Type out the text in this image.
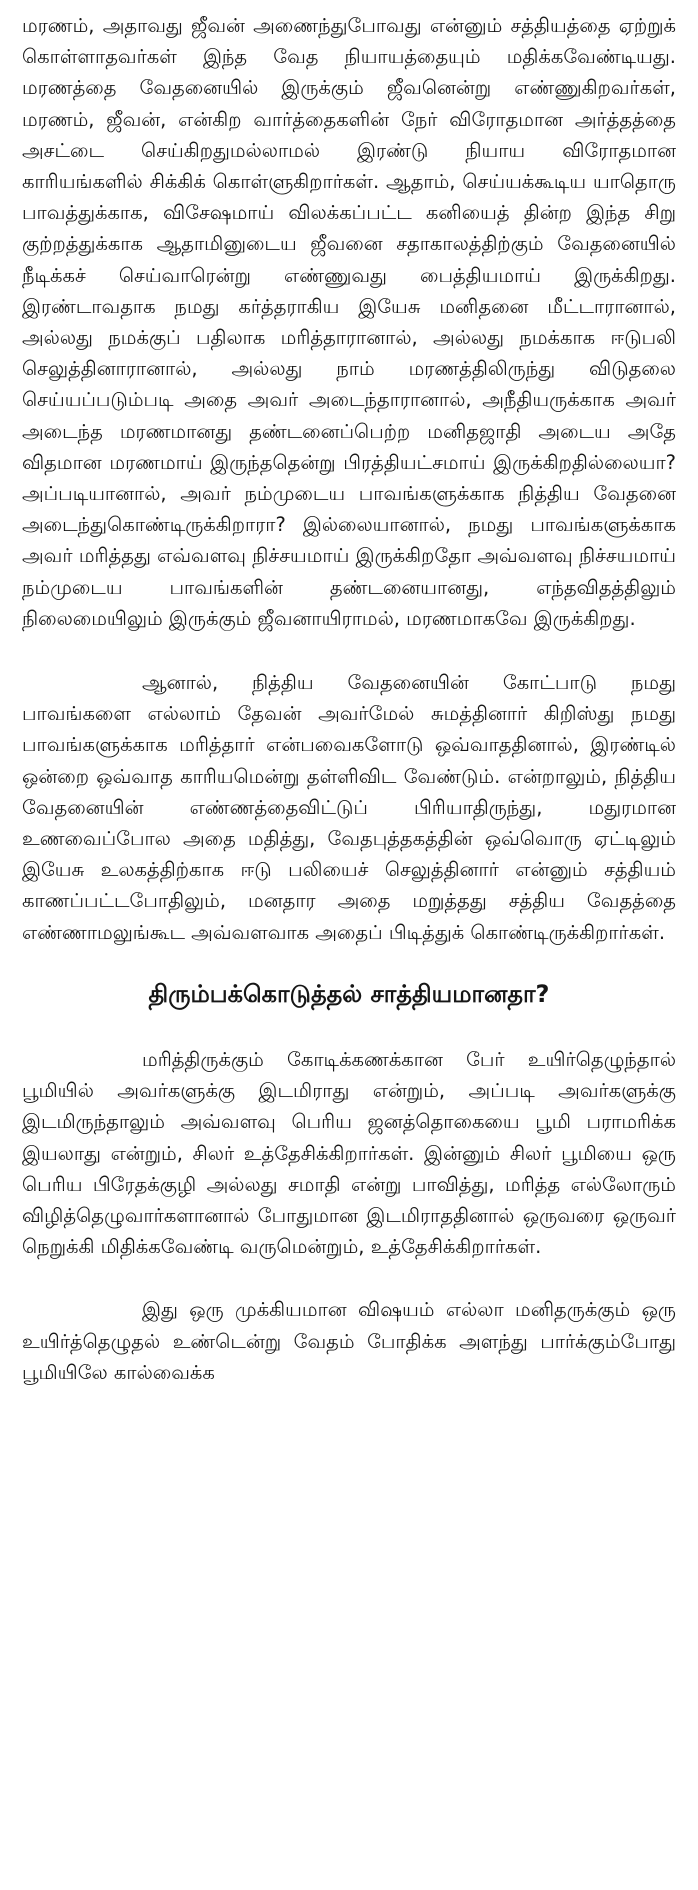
மரணம், அதாவது ஜீவன் அணைந்துபோவது என்னும் சத்தியத்தை ஏற்றுக் கொள்ளாதவர்கள் இந்த வேத நியாயத்தையும் மதிக்கவேண்டியது. மரணத்தை வேதனையில் இருக்கும் ஜீவனென்று எண்ணுகிறவர்கள், மரணம், ஜீவன், என்கிற வார்த்தைகளின் நேர் விரோதமான அர்த்தத்தை அசட்டை செய்கிறதுமல்லாமல் இரண்டு நியாய விரோதமான காரியங்களில் சிக்கிக் கொள்ளுகிறார்கள். ஆதாம், செய்யக்கூடிய யாதொரு பாவத்துக்காக, விசேஷமாய் விலக்கப்பட்ட கனியைத் தின்ற இந்த சிறு குற்றத்துக்காக ஆதாமினுடைய ஜீவனை சதாகாலத்திற்கும் வேதனையில் நீடிக்கச் செய்வாரென்று எண்ணுவது பைத்தியமாய் இருக்கிறது. இரண்டாவதாக நமது கர்த்தராகிய இயேசு மனிதனை மீட்டாரானால், அல்லது நமக்குப் பதிலாக மரித்தாரானால், அல்லது நமக்காக ஈடுபலி செலுத்தினாரானால், அல்லது நாம் மரணத்திலிருந்து விடுதலை செய்யப்படும்படி அதை அவர் அடைந்தாரானால், அநீதியருக்காக அவர் அடைந்த மரணமானது தண்டனைப்பெற்ற மனிதஜாதி அடைய அதே விதமான மரணமாய் இருந்ததென்று பிரத்தியட்சமாய் இருக்கிறதில்லையா? அப்படியானால், அவர் நம்முடைய பாவங்களுக்காக நித்திய வேதனை அடைந்துகொண்டிருக்கிறாரா? இல்லையானால், நமது பாவங்களுக்காக அவர் மரித்தது எவ்வளவு நிச்சயமாய் இருக்கிறதோ அவ்வளவு நிச்சயமாய் நம்முடைய பாவங்களின் தண்டனையானது, எந்தவிதத்திலும் நிலைமையிலும் இருக்கும் ஜீவனாயிராமல், மரணமாகவே இருக்கிறது.

ஆனால், நித்திய வேதனையின் கோட்பாடு நமது பாவங்களை எல்லாம் தேவன் அவர்மேல் சுமத்தினார் கிறிஸ்து நமது பாவங்களுக்காக மரித்தார் என்பவைகளோடு ஒவ்வாததினால், இரண்டில் ஒன்றை ஒவ்வாத காரியமென்று தள்ளிவிட வேண்டும். என்றாலும், நித்திய வேதனையின் எண்ணத்தைவிட்டுப் பிரியாதிருந்து, மதுரமான உணவைப்போல அதை மதித்து, வேதபுத்தகத்தின் ஒவ்வொரு ஏட்டிலும் இயேசு உலகத்திற்காக ஈடு பலியைச் செலுத்தினார் என்னும் சத்தியம் காணப்பட்டபோதிலும், மனதார அதை மறுத்தது சத்திய வேதத்தை எண்ணாமலுங்கூட அவ்வளவாக அதைப் பிடித்துக் கொண்டிருக்கிறார்கள்.

திரும்பக்கொடுத்தல் சாத்தியமானதா?

மரித்திருக்கும் கோடிக்கணக்கான பேர் உயிர்தெழுந்தால் பூமியில் அவர்களுக்கு இடமிராது என்றும், அப்படி அவர்களுக்கு இடமிருந்தாலும் அவ்வளவு பெரிய ஜனத்தொகையை பூமி பராமரிக்க இயலாது என்றும், சிலர் உத்தேசிக்கிறார்கள். இன்னும் சிலர் பூமியை ஒரு பெரிய பிரேதக்குழி அல்லது சமாதி என்று பாவித்து, மரித்த எல்லோரும் விழித்தெழுவார்களானால் போதுமான இடமிராததினால் ஒருவரை ஒருவர் நெறுக்கி மிதிக்கவேண்டி வருமென்றும், உத்தேசிக்கிறார்கள்.

இது ஒரு முக்கியமான விஷயம் எல்லா மனிதருக்கும் ஒரு உயிர்த்தெழுதல் உண்டென்று வேதம் போதிக்க அளந்து பார்க்கும்போது பூமியிலே கால்வைக்க
